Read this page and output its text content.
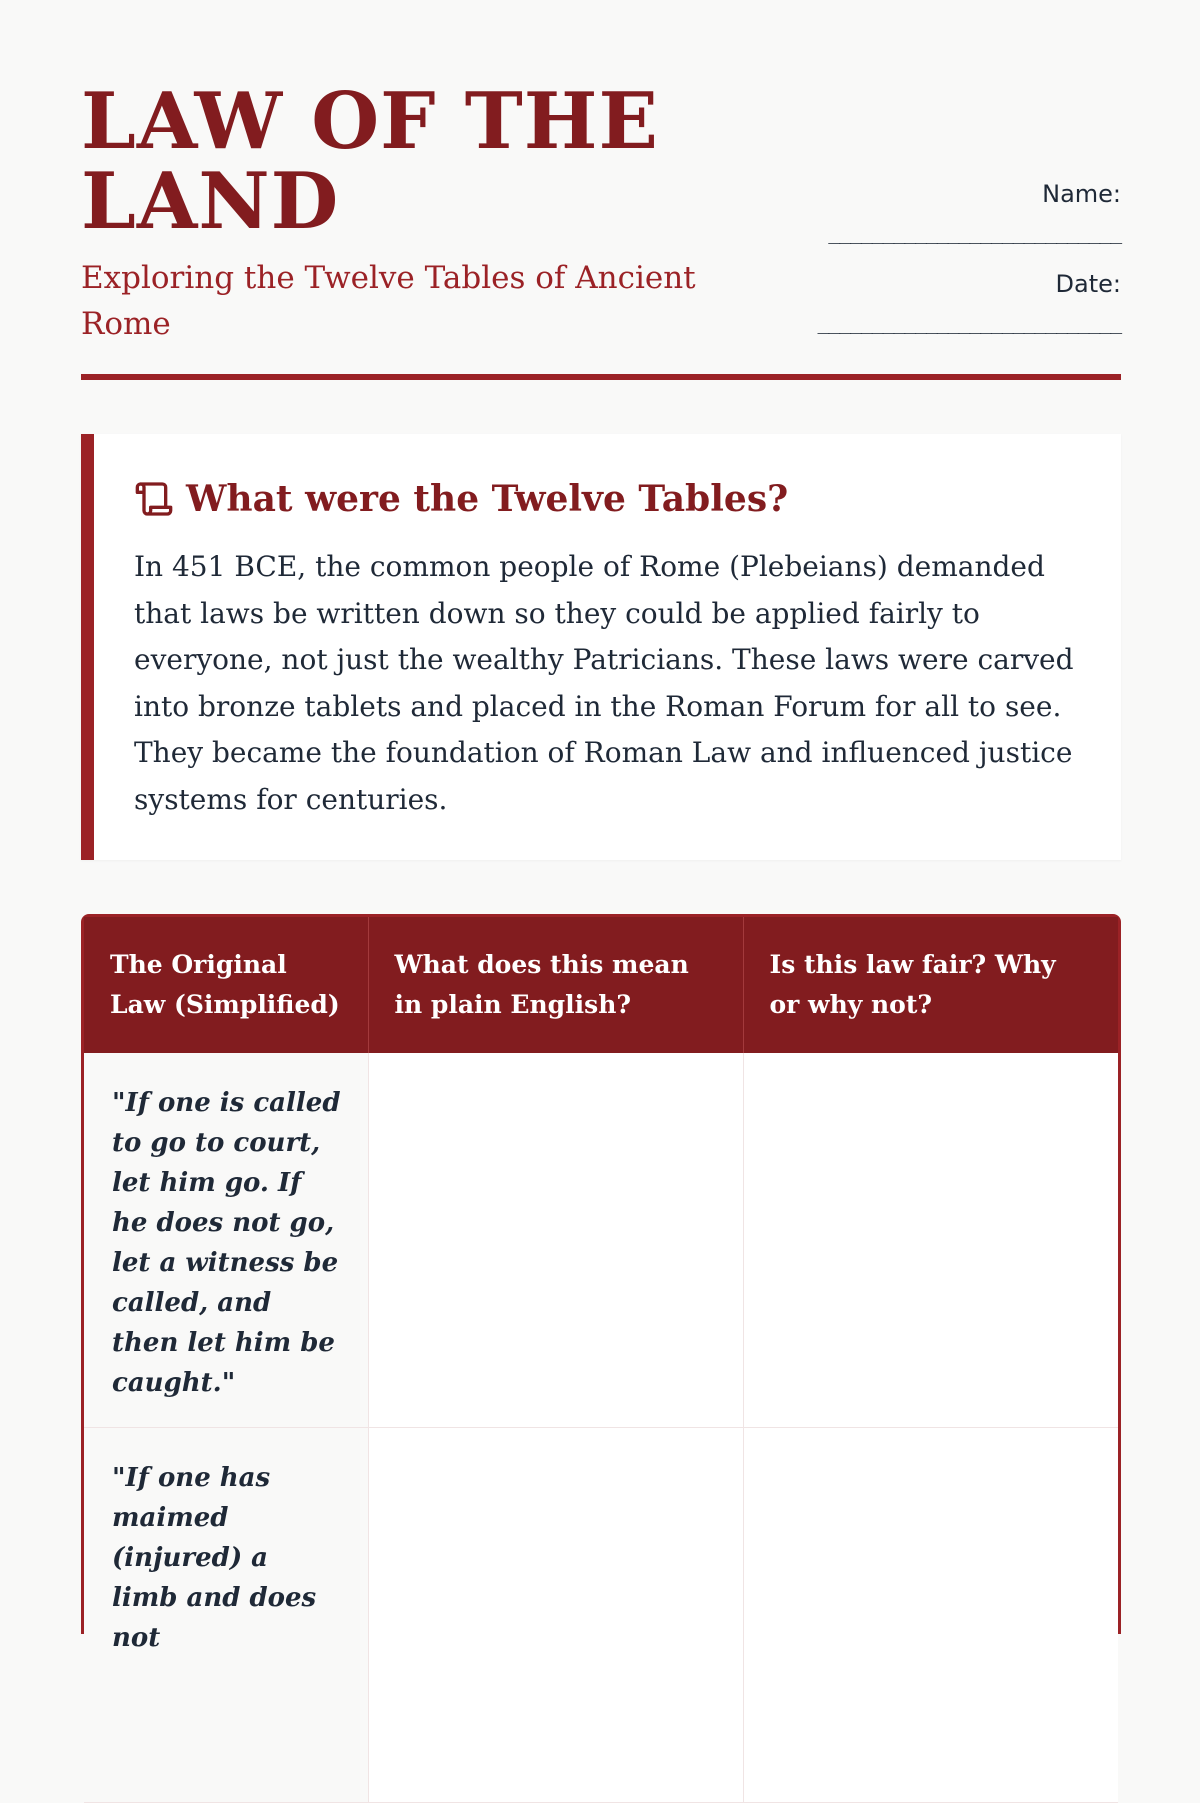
LAW OF THE LAND
Exploring the Twelve Tables of Ancient Rome
Name:
___________________________
Date:
____________________________
What were the Twelve Tables?
In 451 BCE, the common people of Rome (Plebeians) demanded that laws be written down so they could be applied fairly to everyone, not just the wealthy Patricians. These laws were carved into bronze tablets and placed in the Roman Forum for all to see. They became the foundation of Roman Law and influenced justice systems for centuries.
The Original Law (Simplified)	What does this mean in plain English?	Is this law fair? Why or why not?
"If one is called to go to court, let him go. If he does not go, let a witness be called, and then let him be caught."		
"If one has maimed (injured) a limb and does not		
